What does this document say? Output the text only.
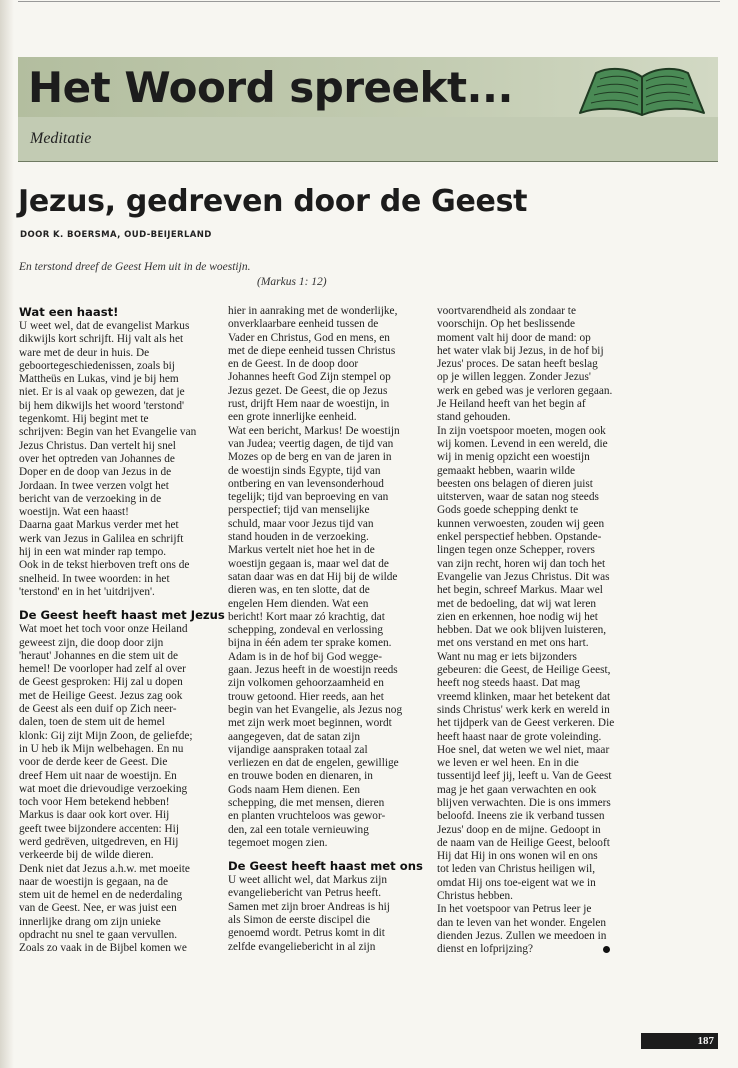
Het Woord spreekt...
Meditatie
Jezus, gedreven door de Geest
DOOR K. BOERSMA, OUD-BEIJERLAND
En terstond dreef de Geest Hem uit in de woestijn.
(Markus 1: 12)
Wat een haast!
U weet wel, dat de evangelist Markus
dikwijls kort schrijft. Hij valt als het
ware met de deur in huis. De
geboortegeschiedenissen, zoals bij
Mattheüs en Lukas, vind je bij hem
niet. Er is al vaak op gewezen, dat je
bij hem dikwijls het woord 'terstond'
tegenkomt. Hij begint met te
schrijven: Begin van het Evangelie van
Jezus Christus. Dan vertelt hij snel
over het optreden van Johannes de
Doper en de doop van Jezus in de
Jordaan. In twee verzen volgt het
bericht van de verzoeking in de
woestijn. Wat een haast!
Daarna gaat Markus verder met het
werk van Jezus in Galilea en schrijft
hij in een wat minder rap tempo.
Ook in de tekst hierboven treft ons de
snelheid. In twee woorden: in het
'terstond' en in het 'uitdrijven'.
De Geest heeft haast met Jezus
Wat moet het toch voor onze Heiland
geweest zijn, die doop door zijn
'heraut' Johannes en die stem uit de
hemel! De voorloper had zelf al over
de Geest gesproken: Hij zal u dopen
met de Heilige Geest. Jezus zag ook
de Geest als een duif op Zich neer-
dalen, toen de stem uit de hemel
klonk: Gij zijt Mijn Zoon, de geliefde;
in U heb ik Mijn welbehagen. En nu
voor de derde keer de Geest. Die
dreef Hem uit naar de woestijn. En
wat moet die drievoudige verzoeking
toch voor Hem betekend hebben!
Markus is daar ook kort over. Hij
geeft twee bijzondere accenten: Hij
werd gedrëven, uitgedreven, en Hij
verkeerde bij de wilde dieren.
Denk niet dat Jezus a.h.w. met moeite
naar de woestijn is gegaan, na de
stem uit de hemel en de nederdaling
van de Geest. Nee, er was juist een
innerlijke drang om zijn unieke
opdracht nu snel te gaan vervullen.
Zoals zo vaak in de Bijbel komen we
hier in aanraking met de wonderlijke,
onverklaarbare eenheid tussen de
Vader en Christus, God en mens, en
met de diepe eenheid tussen Christus
en de Geest. In de doop door
Johannes heeft God Zijn stempel op
Jezus gezet. De Geest, die op Jezus
rust, drijft Hem naar de woestijn, in
een grote innerlijke eenheid.
Wat een bericht, Markus! De woestijn
van Judea; veertig dagen, de tijd van
Mozes op de berg en van de jaren in
de woestijn sinds Egypte, tijd van
ontbering en van levensonderhoud
tegelijk; tijd van beproeving en van
perspectief; tijd van menselijke
schuld, maar voor Jezus tijd van
stand houden in de verzoeking.
Markus vertelt niet hoe het in de
woestijn gegaan is, maar wel dat de
satan daar was en dat Hij bij de wilde
dieren was, en ten slotte, dat de
engelen Hem dienden. Wat een
bericht! Kort maar zó krachtig, dat
schepping, zondeval en verlossing
bijna in één adem ter sprake komen.
Adam is in de hof bij God wegge-
gaan. Jezus heeft in de woestijn reeds
zijn volkomen gehoorzaamheid en
trouw getoond. Hier reeds, aan het
begin van het Evangelie, als Jezus nog
met zijn werk moet beginnen, wordt
aangegeven, dat de satan zijn
vijandige aanspraken totaal zal
verliezen en dat de engelen, gewillige
en trouwe boden en dienaren, in
Gods naam Hem dienen. Een
schepping, die met mensen, dieren
en planten vruchteloos was gewor-
den, zal een totale vernieuwing
tegemoet mogen zien.
De Geest heeft haast met ons
U weet allicht wel, dat Markus zijn
evangeliebericht van Petrus heeft.
Samen met zijn broer Andreas is hij
als Simon de eerste discipel die
genoemd wordt. Petrus komt in dit
zelfde evangeliebericht in al zijn
voortvarendheid als zondaar te
voorschijn. Op het beslissende
moment valt hij door de mand: op
het water vlak bij Jezus, in de hof bij
Jezus' proces. De satan heeft beslag
op je willen leggen. Zonder Jezus'
werk en gebed was je verloren gegaan.
Je Heiland heeft van het begin af
stand gehouden.
In zijn voetspoor moeten, mogen ook
wij komen. Levend in een wereld, die
wij in menig opzicht een woestijn
gemaakt hebben, waarin wilde
beesten ons belagen of dieren juist
uitsterven, waar de satan nog steeds
Gods goede schepping denkt te
kunnen verwoesten, zouden wij geen
enkel perspectief hebben. Opstande-
lingen tegen onze Schepper, rovers
van zijn recht, horen wij dan toch het
Evangelie van Jezus Christus. Dit was
het begin, schreef Markus. Maar wel
met de bedoeling, dat wij wat leren
zien en erkennen, hoe nodig wij het
hebben. Dat we ook blijven luisteren,
met ons verstand en met ons hart.
Want nu mag er iets bijzonders
gebeuren: die Geest, de Heilige Geest,
heeft nog steeds haast. Dat mag
vreemd klinken, maar het betekent dat
sinds Christus' werk kerk en wereld in
het tijdperk van de Geest verkeren. Die
heeft haast naar de grote voleinding.
Hoe snel, dat weten we wel niet, maar
we leven er wel heen. En in die
tussentijd leef jij, leeft u. Van de Geest
mag je het gaan verwachten en ook
blijven verwachten. Die is ons immers
beloofd. Ineens zie ik verband tussen
Jezus' doop en de mijne. Gedoopt in
de naam van de Heilige Geest, belooft
Hij dat Hij in ons wonen wil en ons
tot leden van Christus heiligen wil,
omdat Hij ons toe-eigent wat we in
Christus hebben.
In het voetspoor van Petrus leer je
dan te leven van het wonder. Engelen
dienden Jezus. Zullen we meedoen in
dienst en lofprijzing?
187
